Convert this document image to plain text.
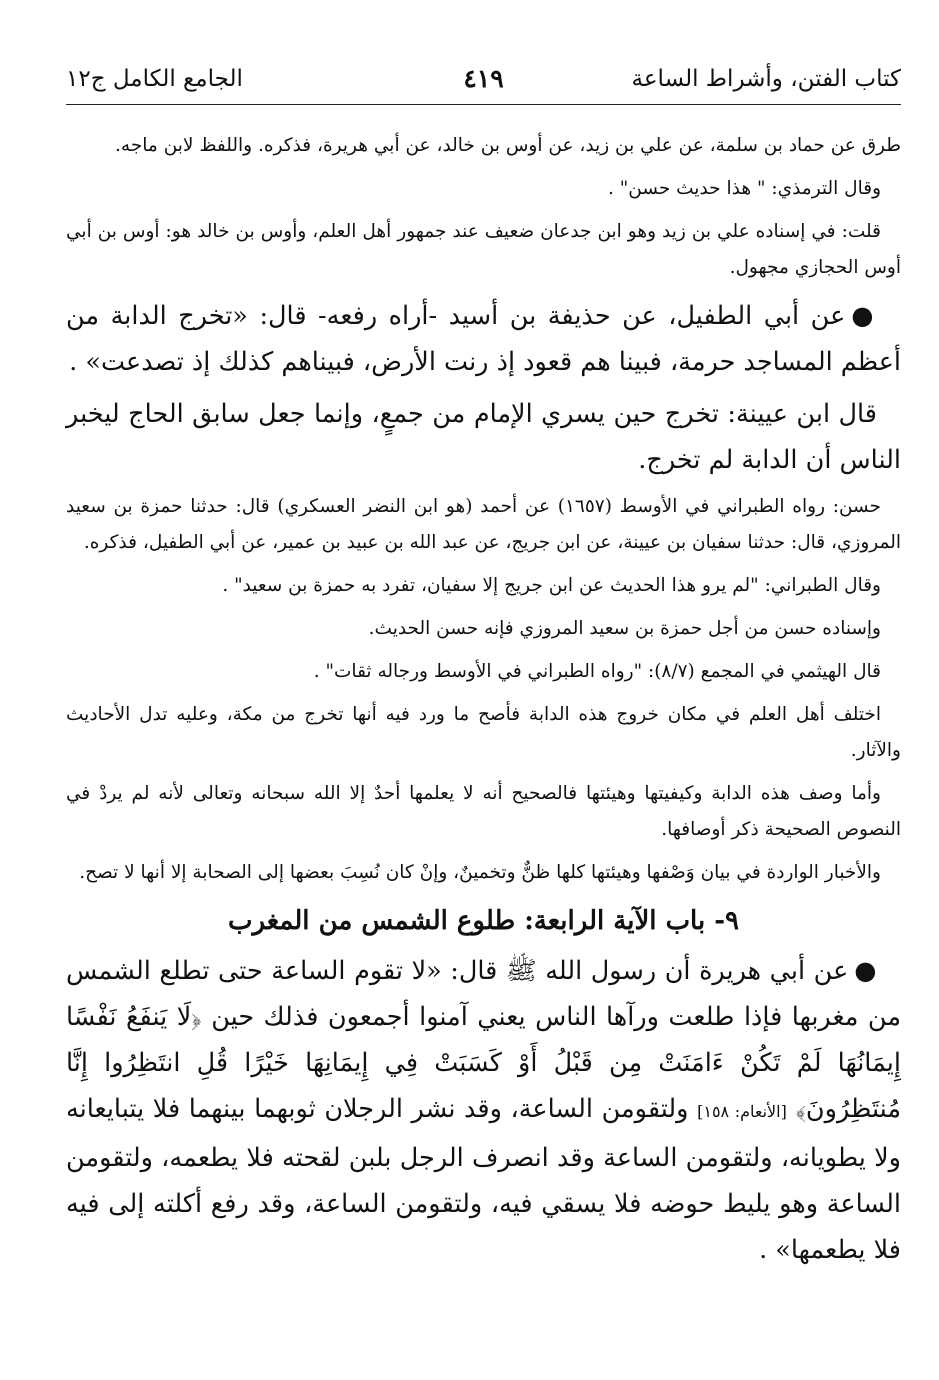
كتاب الفتن، وأشراط الساعة
٤١٩
الجامع الكامل ج١٢

طرق عن حماد بن سلمة، عن علي بن زيد، عن أوس بن خالد، عن أبي هريرة، فذكره. واللفظ لابن ماجه.

وقال الترمذي: " هذا حديث حسن" .

قلت: في إسناده علي بن زيد وهو ابن جدعان ضعيف عند جمهور أهل العلم، وأوس بن خالد هو: أوس بن أبي أوس الحجازي مجهول.

●عن أبي الطفيل، عن حذيفة بن أسيد -أراه رفعه- قال: «تخرج الدابة من أعظم المساجد حرمة، فبينا هم قعود إذ رنت الأرض، فبيناهم كذلك إذ تصدعت» .

قال ابن عيينة: تخرج حين يسري الإمام من جمعٍ، وإنما جعل سابق الحاج ليخبر الناس أن الدابة لم تخرج.

حسن: رواه الطبراني في الأوسط (١٦٥٧) عن أحمد (هو ابن النضر العسكري) قال: حدثنا حمزة بن سعيد المروزي، قال: حدثنا سفيان بن عيينة، عن ابن جريج، عن عبد الله بن عبيد بن عمير، عن أبي الطفيل، فذكره.

وقال الطبراني: "لم يرو هذا الحديث عن ابن جريج إلا سفيان، تفرد به حمزة بن سعيد" .

وإسناده حسن من أجل حمزة بن سعيد المروزي فإنه حسن الحديث.

قال الهيثمي في المجمع (٨/٧): "رواه الطبراني في الأوسط ورجاله ثقات" .

اختلف أهل العلم في مكان خروج هذه الدابة فأصح ما ورد فيه أنها تخرج من مكة، وعليه تدل الأحاديث والآثار.

وأما وصف هذه الدابة وكيفيتها وهيئتها فالصحيح أنه لا يعلمها أحدٌ إلا الله سبحانه وتعالى لأنه لم يردْ في النصوص الصحيحة ذكر أوصافها.

والأخبار الواردة في بيان وَصْفها وهيئتها كلها ظنٌّ وتخمينٌ، وإنْ كان نُسِبَ بعضها إلى الصحابة إلا أنها لا تصح.

٩- باب الآية الرابعة: طلوع الشمس من المغرب

●عن أبي هريرة أن رسول الله ﷺ قال: «لا تقوم الساعة حتى تطلع الشمس من مغربها فإذا طلعت ورآها الناس يعني آمنوا أجمعون فذلك حين ﴿لَا يَنفَعُ نَفْسًا إِيمَانُهَا لَمْ تَكُنْ ءَامَنَتْ مِن قَبْلُ أَوْ كَسَبَتْ فِي إِيمَانِهَا خَيْرًا قُلِ انتَظِرُوا إِنَّا مُنتَظِرُونَ﴾ [الأنعام: ١٥٨] ولتقومن الساعة، وقد نشر الرجلان ثوبهما بينهما فلا يتبايعانه ولا يطويانه، ولتقومن الساعة وقد انصرف الرجل بلبن لقحته فلا يطعمه، ولتقومن الساعة وهو يليط حوضه فلا يسقي فيه، ولتقومن الساعة، وقد رفع أكلته إلى فيه فلا يطعمها» .
